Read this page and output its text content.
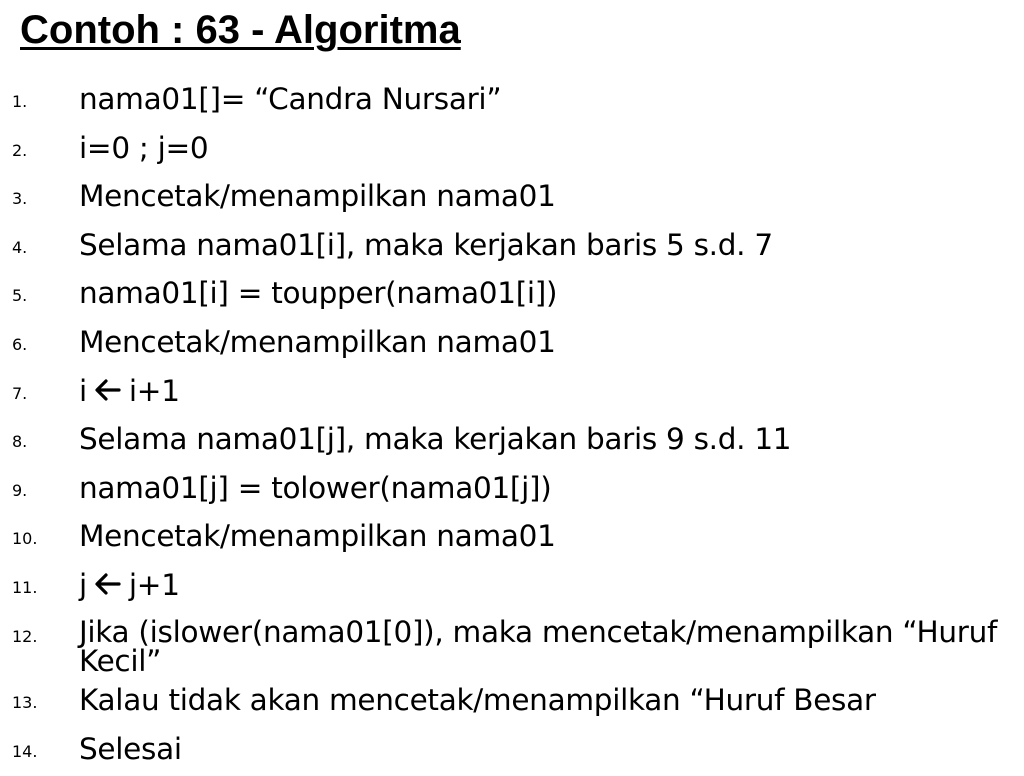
Contoh : 63 - Algoritma
1.	nama01[]= “Candra Nursari”
2.	i=0 ; j=0
3.	Mencetak/menampilkan nama01
4.	Selama nama01[i], maka kerjakan baris 5 s.d. 7
5.	nama01[i] = toupper(nama01[i])
6.	Mencetak/menampilkan nama01
7.	i i+1
8.	Selama nama01[j], maka kerjakan baris 9 s.d. 11
9.	nama01[j] = tolower(nama01[j])
10.	Mencetak/menampilkan nama01
11.	j j+1
12.	Jika (islower(nama01[0]), maka mencetak/menampilkan “Huruf Kecil”
13.	Kalau tidak akan mencetak/menampilkan “Huruf Besar
14.	Selesai
